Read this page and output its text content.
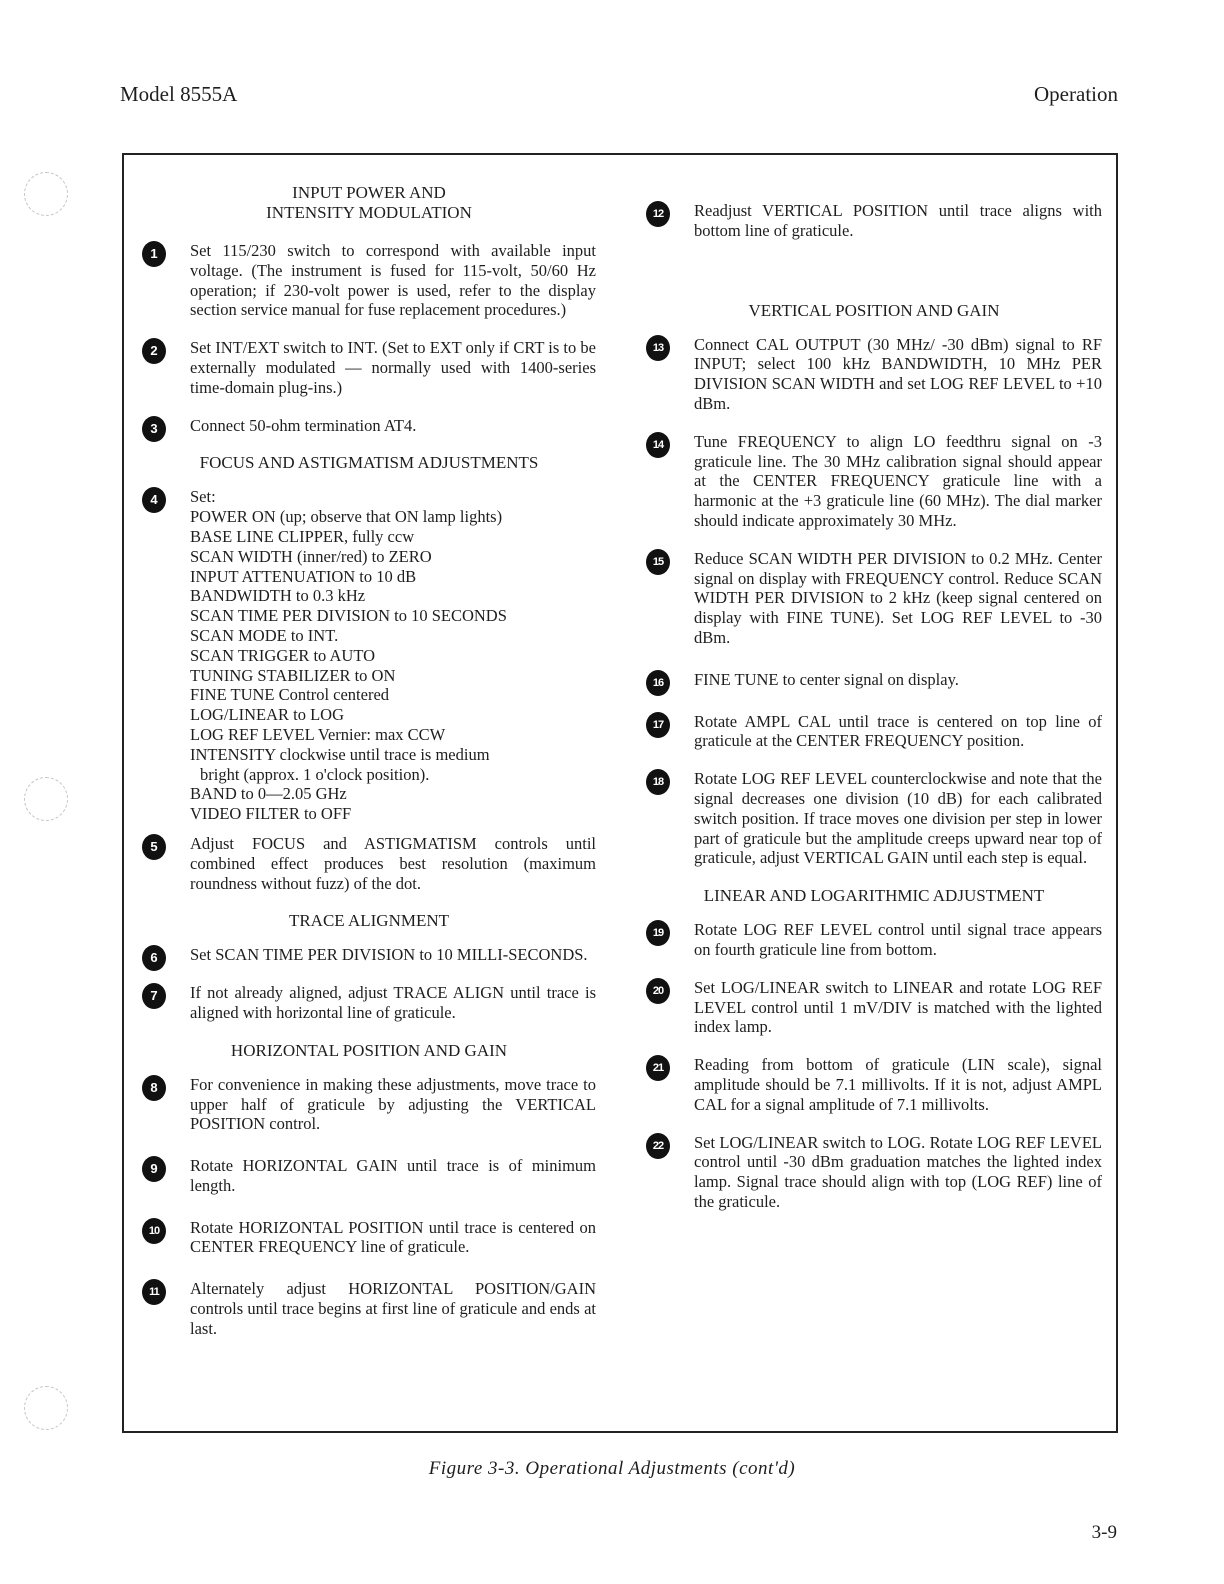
Model 8555A	Operation
INPUT POWER AND
INTENSITY MODULATION
1	Set 115/230 switch to correspond with available input voltage. (The instrument is fused for 115-volt, 50/60 Hz operation; if 230-volt power is used, refer to the display section service manual for fuse replacement procedures.)
2	Set INT/EXT switch to INT. (Set to EXT only if CRT is to be externally modulated — normally used with 1400-series time-domain plug-ins.)
3	Connect 50-ohm termination AT4.
FOCUS AND ASTIGMATISM ADJUSTMENTS
4	Set:
POWER ON (up; observe that ON lamp lights)
BASE LINE CLIPPER, fully ccw
SCAN WIDTH (inner/red) to ZERO
INPUT ATTENUATION to 10 dB
BANDWIDTH to 0.3 kHz
SCAN TIME PER DIVISION to 10 SECONDS
SCAN MODE to INT.
SCAN TRIGGER to AUTO
TUNING STABILIZER to ON
FINE TUNE Control centered
LOG/LINEAR to LOG
LOG REF LEVEL Vernier: max CCW
INTENSITY clockwise until trace is medium
bright (approx. 1 o'clock position).
BAND to 0—2.05 GHz
VIDEO FILTER to OFF
5	Adjust FOCUS and ASTIGMATISM controls until combined effect produces best resolution (maximum roundness without fuzz) of the dot.
TRACE ALIGNMENT
6	Set SCAN TIME PER DIVISION to 10 MILLI-SECONDS.
7	If not already aligned, adjust TRACE ALIGN until trace is aligned with horizontal line of graticule.
HORIZONTAL POSITION AND GAIN
8	For convenience in making these adjustments, move trace to upper half of graticule by adjusting the VERTICAL POSITION control.
9	Rotate HORIZONTAL GAIN until trace is of minimum length.
10	Rotate HORIZONTAL POSITION until trace is centered on CENTER FREQUENCY line of graticule.
11	Alternately adjust HORIZONTAL POSITION/GAIN controls until trace begins at first line of graticule and ends at last.
12	Readjust VERTICAL POSITION until trace aligns with bottom line of graticule.
VERTICAL POSITION AND GAIN
13	Connect CAL OUTPUT (30 MHz/ -30 dBm) signal to RF INPUT; select 100 kHz BANDWIDTH, 10 MHz PER DIVISION SCAN WIDTH and set LOG REF LEVEL to +10 dBm.
14	Tune FREQUENCY to align LO feedthru signal on -3 graticule line. The 30 MHz calibration signal should appear at the CENTER FREQUENCY graticule line with a harmonic at the +3 graticule line (60 MHz). The dial marker should indicate approximately 30 MHz.
15	Reduce SCAN WIDTH PER DIVISION to 0.2 MHz. Center signal on display with FREQUENCY control. Reduce SCAN WIDTH PER DIVISION to 2 kHz (keep signal centered on display with FINE TUNE). Set LOG REF LEVEL to -30 dBm.
16	FINE TUNE to center signal on display.
17	Rotate AMPL CAL until trace is centered on top line of graticule at the CENTER FREQUENCY position.
18	Rotate LOG REF LEVEL counterclockwise and note that the signal decreases one division (10 dB) for each calibrated switch position. If trace moves one division per step in lower part of graticule but the amplitude creeps upward near top of graticule, adjust VERTICAL GAIN until each step is equal.
LINEAR AND LOGARITHMIC ADJUSTMENT
19	Rotate LOG REF LEVEL control until signal trace appears on fourth graticule line from bottom.
20	Set LOG/LINEAR switch to LINEAR and rotate LOG REF LEVEL control until 1 mV/DIV is matched with the lighted index lamp.
21	Reading from bottom of graticule (LIN scale), signal amplitude should be 7.1 millivolts. If it is not, adjust AMPL CAL for a signal amplitude of 7.1 millivolts.
22	Set LOG/LINEAR switch to LOG. Rotate LOG REF LEVEL control until -30 dBm graduation matches the lighted index lamp. Signal trace should align with top (LOG REF) line of the graticule.
Figure 3-3. Operational Adjustments (cont'd)
3-9
